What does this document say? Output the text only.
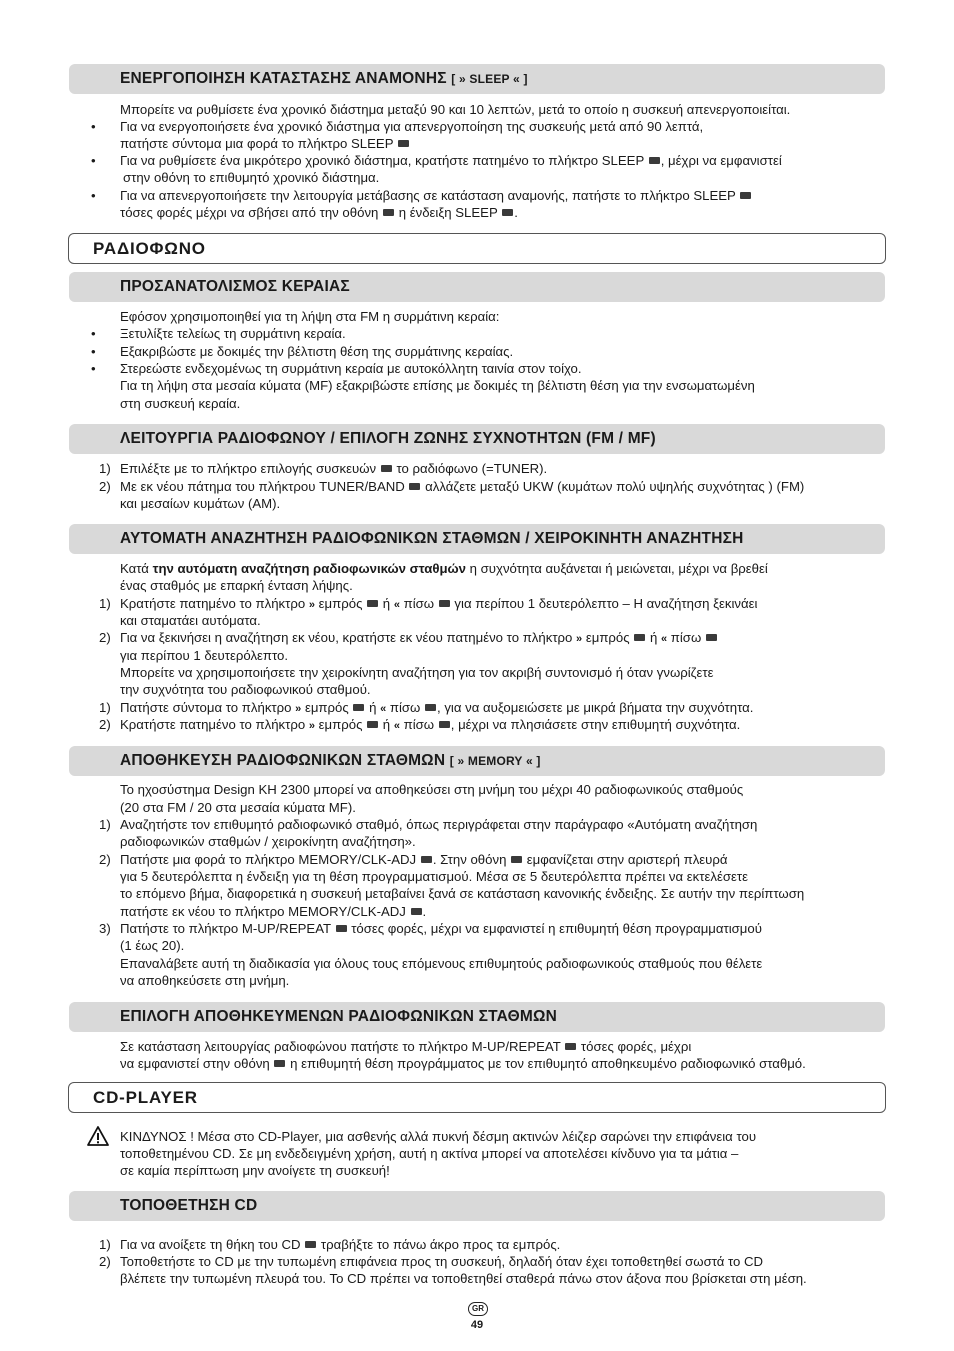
ΕΝΕΡΓΟΠΟΙΗΣΗ ΚΑΤΑΣΤΑΣΗΣ ΑΝΑΜΟΝΗΣ [ » SLEEP « ]
Μπορείτε να ρυθμίσετε ένα χρονικό διάστημα μεταξύ 90 και 10 λεπτών, μετά το οποίο η συσκευή απενεργοποιείται.
• Για να ενεργοποιήσετε ένα χρονικό διάστημα για απενεργοποίηση της συσκευής μετά από 90 λεπτά,
πατήστε σύντομα μια φορά το πλήκτρο SLEEP
• Για να ρυθμίσετε ένα μικρότερο χρονικό διάστημα, κρατήστε πατημένο το πλήκτρο SLEEP , μέχρι να εμφανιστεί
στην οθόνη το επιθυμητό χρονικό διάστημα.
• Για να απενεργοποιήσετε την λειτουργία μετάβασης σε κατάσταση αναμονής, πατήστε το πλήκτρο SLEEP
τόσες φορές μέχρι να σβήσει από την οθόνη η ένδειξη SLEEP .
ΡΑΔΙΟΦΩΝΟ
ΠΡΟΣΑΝΑΤΟΛΙΣΜΟΣ ΚΕΡΑΙΑΣ
Εφόσον χρησιμοποιηθεί για τη λήψη στα FM η συρμάτινη κεραία:
• Ξετυλίξτε τελείως τη συρμάτινη κεραία.
• Εξακριβώστε με δοκιμές την βέλτιστη θέση της συρμάτινης κεραίας.
• Στερεώστε ενδεχομένως τη συρμάτινη κεραία με αυτοκόλλητη ταινία στον τοίχο.
Για τη λήψη στα μεσαία κύματα (MF) εξακριβώστε επίσης με δοκιμές τη βέλτιστη θέση για την ενσωματωμένη
στη συσκευή κεραία.
ΛΕΙΤΟΥΡΓΙΑ ΡΑΔΙΟΦΩΝΟΥ / ΕΠΙΛΟΓΗ ΖΩΝΗΣ ΣΥΧΝΟΤΗΤΩΝ (FM / MF)
1) Επιλέξτε με το πλήκτρο επιλογής συσκευών το ραδιόφωνο (=TUNER).
2) Με εκ νέου πάτημα του πλήκτρου TUNER/BAND αλλάζετε μεταξύ UKW (κυμάτων πολύ υψηλής συχνότητας ) (FM)
και μεσαίων κυμάτων (AM).
ΑΥΤΟΜΑΤΗ ΑΝΑΖΗΤΗΣΗ ΡΑΔΙΟΦΩΝΙΚΩΝ ΣΤΑΘΜΩΝ / ΧΕΙΡΟΚΙΝΗΤΗ ΑΝΑΖΗΤΗΣΗ
Κατά την αυτόματη αναζήτηση ραδιοφωνικών σταθμών η συχνότητα αυξάνεται ή μειώνεται, μέχρι να βρεθεί
ένας σταθμός με επαρκή ένταση λήψης.
1) Κρατήστε πατημένο το πλήκτρο » εμπρός ή « πίσω για περίπου 1 δευτερόλεπτο – Η αναζήτηση ξεκινάει
και σταματάει αυτόματα.
2) Για να ξεκινήσει η αναζήτηση εκ νέου, κρατήστε εκ νέου πατημένο το πλήκτρο » εμπρός ή « πίσω
για περίπου 1 δευτερόλεπτο.
Μπορείτε να χρησιμοποιήσετε την χειροκίνητη αναζήτηση για τον ακριβή συντονισμό ή όταν γνωρίζετε
την συχνότητα του ραδιοφωνικού σταθμού.
1) Πατήστε σύντομα το πλήκτρο » εμπρός ή « πίσω , για να αυξομειώσετε με μικρά βήματα την συχνότητα.
2) Κρατήστε πατημένο το πλήκτρο » εμπρός ή « πίσω , μέχρι να πλησιάσετε στην επιθυμητή συχνότητα.
ΑΠΟΘΗΚΕΥΣΗ ΡΑΔΙΟΦΩΝΙΚΩΝ ΣΤΑΘΜΩΝ [ » MEMORY « ]
Το ηχοσύστημα Design KH 2300 μπορεί να αποθηκεύσει στη μνήμη του μέχρι 40 ραδιοφωνικούς σταθμούς
(20 στα FM / 20 στα μεσαία κύματα MF).
1) Αναζητήστε τον επιθυμητό ραδιοφωνικό σταθμό, όπως περιγράφεται στην παράγραφο «Αυτόματη αναζήτηση
ραδιοφωνικών σταθμών / χειροκίνητη αναζήτηση».
2) Πατήστε μια φορά το πλήκτρο MEMORY/CLK-ADJ . Στην οθόνη εμφανίζεται στην αριστερή πλευρά
για 5 δευτερόλεπτα η ένδειξη για τη θέση προγραμματισμού. Μέσα σε 5 δευτερόλεπτα πρέπει να εκτελέσετε
το επόμενο βήμα, διαφορετικά η συσκευή μεταβαίνει ξανά σε κατάσταση κανονικής ένδειξης. Σε αυτήν την περίπτωση
πατήστε εκ νέου το πλήκτρο MEMORY/CLK-ADJ .
3) Πατήστε το πλήκτρο M-UP/REPEAT τόσες φορές, μέχρι να εμφανιστεί η επιθυμητή θέση προγραμματισμού
(1 έως 20).
Επαναλάβετε αυτή τη διαδικασία για όλους τους επόμενους επιθυμητούς ραδιοφωνικούς σταθμούς που θέλετε
να αποθηκεύσετε στη μνήμη.
ΕΠΙΛΟΓΗ ΑΠΟΘΗΚΕΥΜΕΝΩΝ ΡΑΔΙΟΦΩΝΙΚΩΝ ΣΤΑΘΜΩΝ
Σε κατάσταση λειτουργίας ραδιοφώνου πατήστε το πλήκτρο M-UP/REPEAT τόσες φορές, μέχρι
να εμφανιστεί στην οθόνη η επιθυμητή θέση προγράμματος με τον επιθυμητό αποθηκευμένο ραδιοφωνικό σταθμό.
CD-PLAYER
ΚΙΝΔΥΝΟΣ ! Μέσα στο CD-Player, μια ασθενής αλλά πυκνή δέσμη ακτινών λέιζερ σαρώνει την επιφάνεια του
τοποθετημένου CD. Σε μη ενδεδειγμένη χρήση, αυτή η ακτίνα μπορεί να αποτελέσει κίνδυνο για τα μάτια –
σε καμία περίπτωση μην ανοίγετε τη συσκευή!
ΤΟΠΟΘΕΤΗΣΗ CD
1) Για να ανοίξετε τη θήκη του CD τραβήξτε το πάνω άκρο προς τα εμπρός.
2) Τοποθετήστε το CD με την τυπωμένη επιφάνεια προς τη συσκευή, δηλαδή όταν έχει τοποθετηθεί σωστά το CD
βλέπετε την τυπωμένη πλευρά του. Το CD πρέπει να τοποθετηθεί σταθερά πάνω στον άξονα που βρίσκεται στη μέση.
GR
49
